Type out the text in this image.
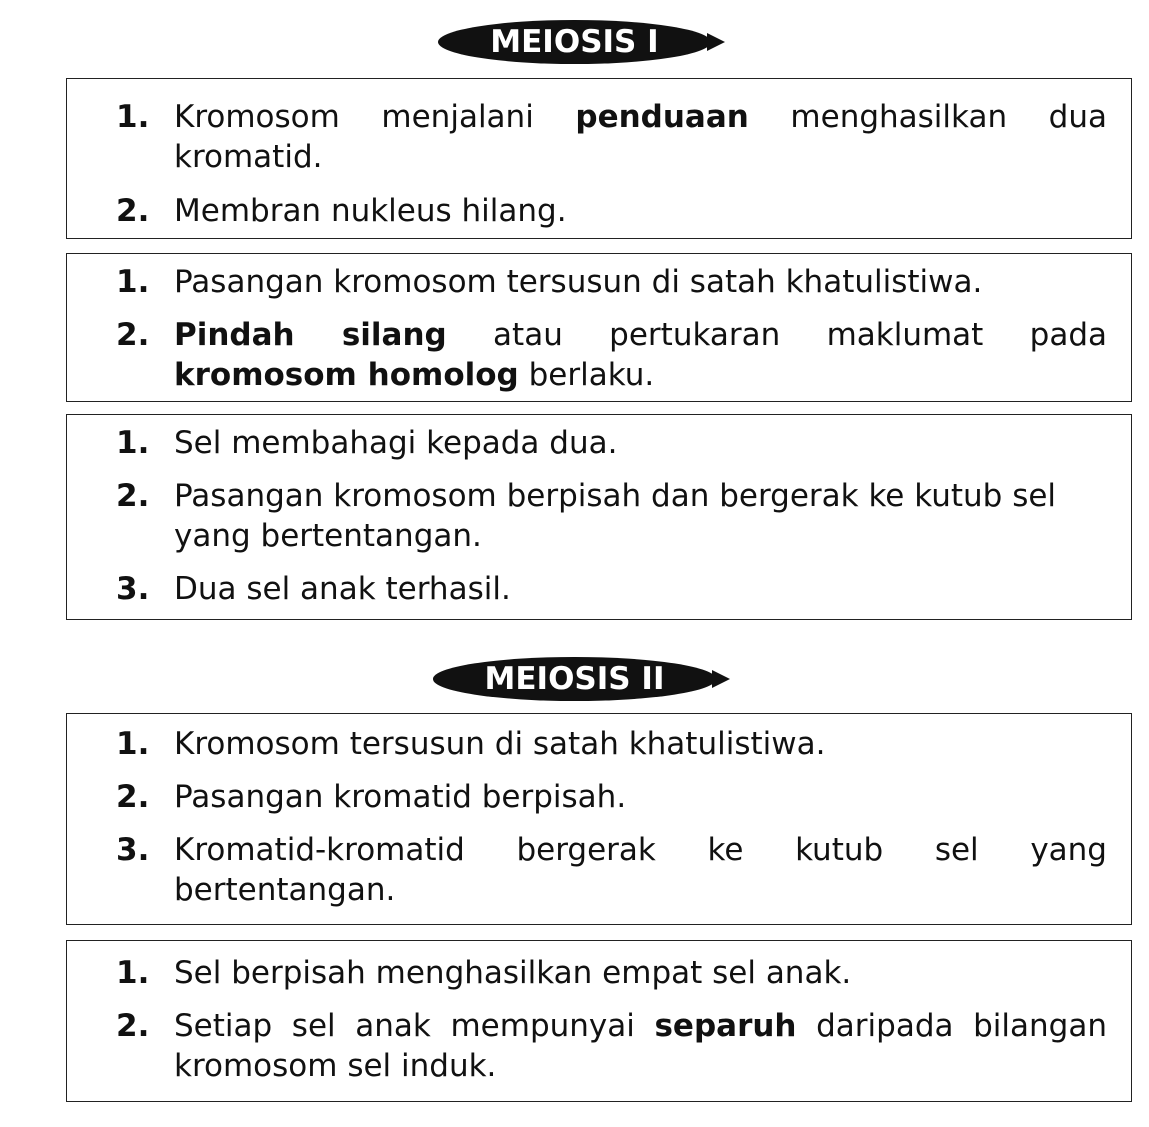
MEIOSIS I
1. Kromosom menjalani penduaan menghasilkan dua kromatid.
2. Membran nukleus hilang.
1. Pasangan kromosom tersusun di satah khatulistiwa.
2. Pindah silang atau pertukaran maklumat pada kromosom homolog berlaku.
1. Sel membahagi kepada dua.
2. Pasangan kromosom berpisah dan bergerak ke kutub sel yang bertentangan.
3. Dua sel anak terhasil.
MEIOSIS II
1. Kromosom tersusun di satah khatulistiwa.
2. Pasangan kromatid berpisah.
3. Kromatid-kromatid bergerak ke kutub sel yang bertentangan.
1. Sel berpisah menghasilkan empat sel anak.
2. Setiap sel anak mempunyai separuh daripada bilangan kromosom sel induk.
